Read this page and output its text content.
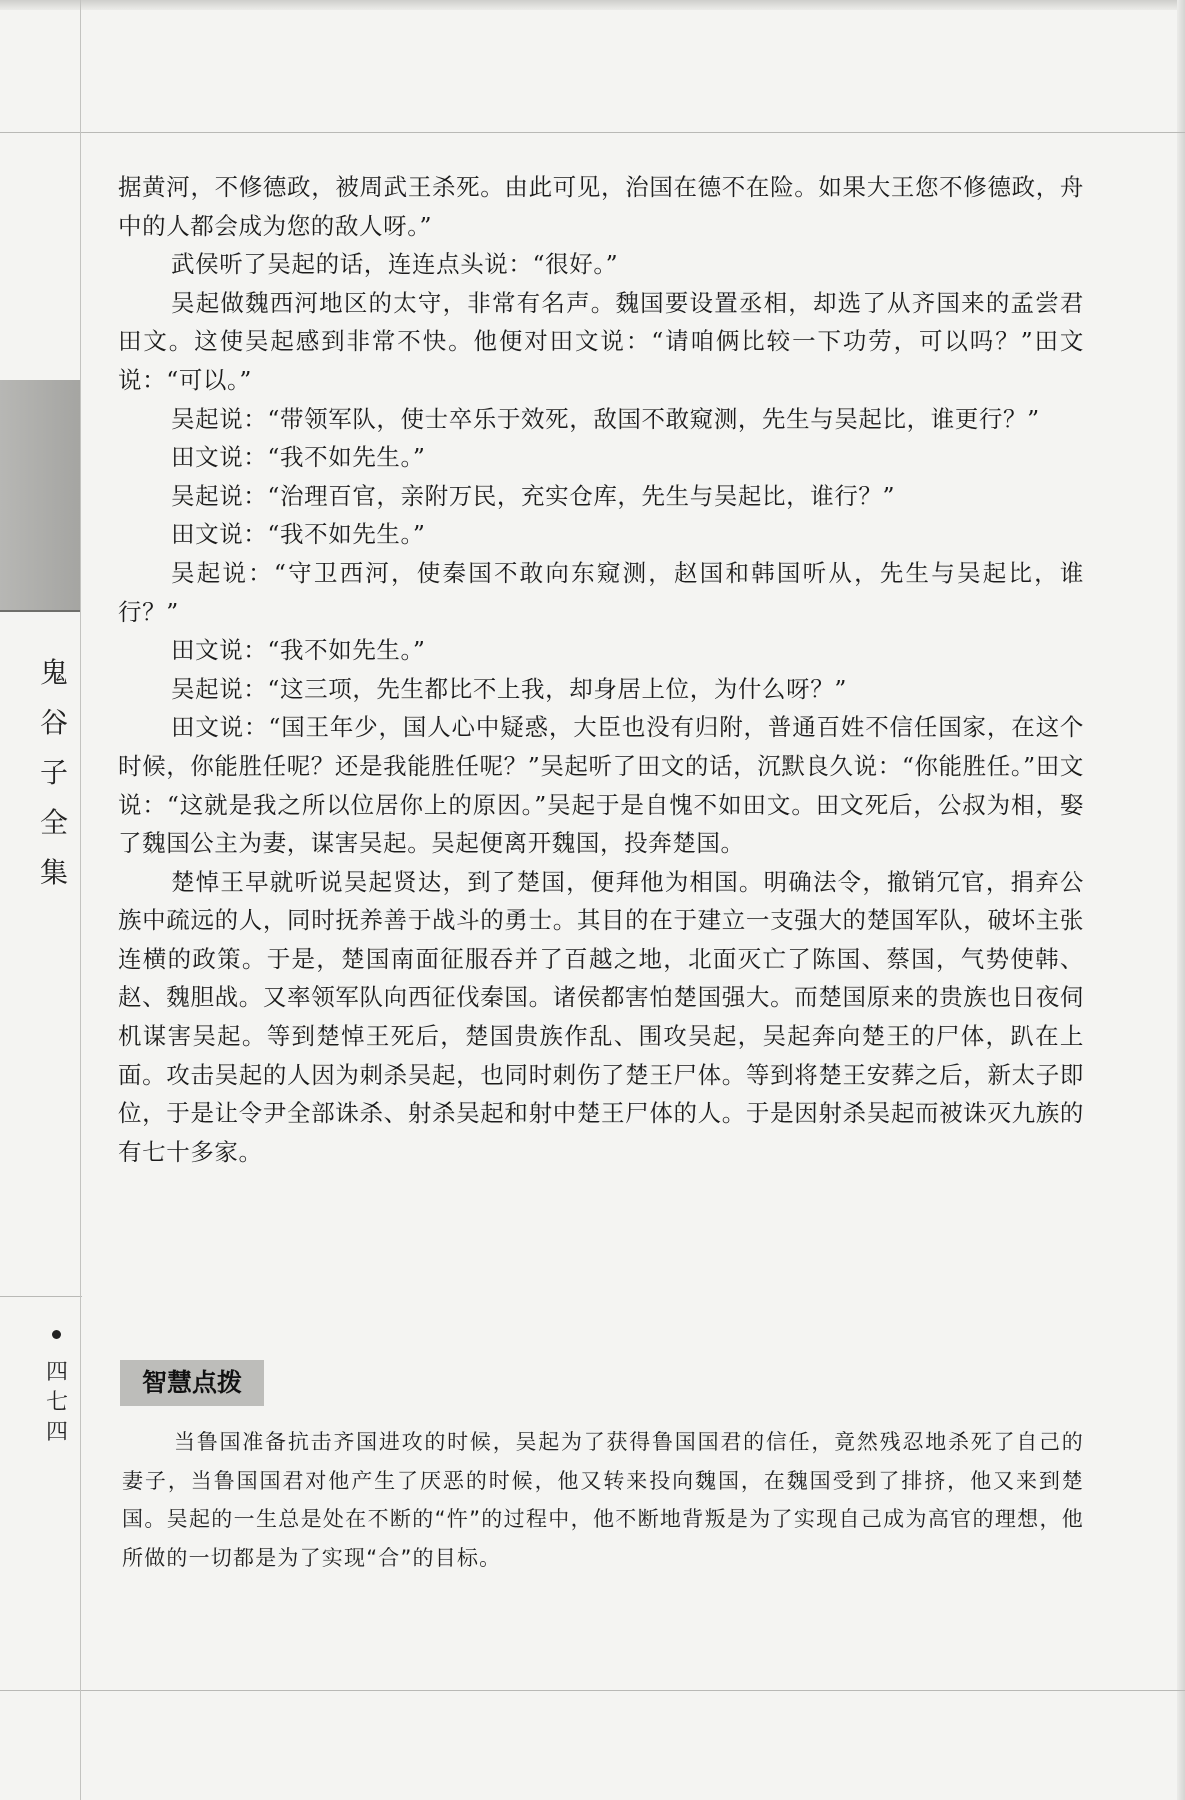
鬼
谷
子
全
集
四
七
四

据黄河，不修德政，被周武王杀死。由此可见，治国在德不在险。如果大王您不修德政，舟中的人都会成为您的敌人呀。”

武侯听了吴起的话，连连点头说：“很好。”

吴起做魏西河地区的太守，非常有名声。魏国要设置丞相，却选了从齐国来的孟尝君田文。这使吴起感到非常不快。他便对田文说：“请咱俩比较一下功劳，可以吗？”田文说：“可以。”

吴起说：“带领军队，使士卒乐于效死，敌国不敢窥测，先生与吴起比，谁更行？”

田文说：“我不如先生。”

吴起说：“治理百官，亲附万民，充实仓库，先生与吴起比，谁行？”

田文说：“我不如先生。”

吴起说：“守卫西河，使秦国不敢向东窥测，赵国和韩国听从，先生与吴起比，谁行？”

田文说：“我不如先生。”

吴起说：“这三项，先生都比不上我，却身居上位，为什么呀？”

田文说：“国王年少，国人心中疑惑，大臣也没有归附，普通百姓不信任国家，在这个时候，你能胜任呢？还是我能胜任呢？”吴起听了田文的话，沉默良久说：“你能胜任。”田文说：“这就是我之所以位居你上的原因。”吴起于是自愧不如田文。田文死后，公叔为相，娶了魏国公主为妻，谋害吴起。吴起便离开魏国，投奔楚国。

楚悼王早就听说吴起贤达，到了楚国，便拜他为相国。明确法令，撤销冗官，捐弃公族中疏远的人，同时抚养善于战斗的勇士。其目的在于建立一支强大的楚国军队，破坏主张连横的政策。于是，楚国南面征服吞并了百越之地，北面灭亡了陈国、蔡国，气势使韩、赵、魏胆战。又率领军队向西征伐秦国。诸侯都害怕楚国强大。而楚国原来的贵族也日夜伺机谋害吴起。等到楚悼王死后，楚国贵族作乱、围攻吴起，吴起奔向楚王的尸体，趴在上面。攻击吴起的人因为刺杀吴起，也同时刺伤了楚王尸体。等到将楚王安葬之后，新太子即位，于是让令尹全部诛杀、射杀吴起和射中楚王尸体的人。于是因射杀吴起而被诛灭九族的有七十多家。

智慧点拨

当鲁国准备抗击齐国进攻的时候，吴起为了获得鲁国国君的信任，竟然残忍地杀死了自己的妻子，当鲁国国君对他产生了厌恶的时候，他又转来投向魏国，在魏国受到了排挤，他又来到楚国。吴起的一生总是处在不断的“忤”的过程中，他不断地背叛是为了实现自己成为高官的理想，他所做的一切都是为了实现“合”的目标。
